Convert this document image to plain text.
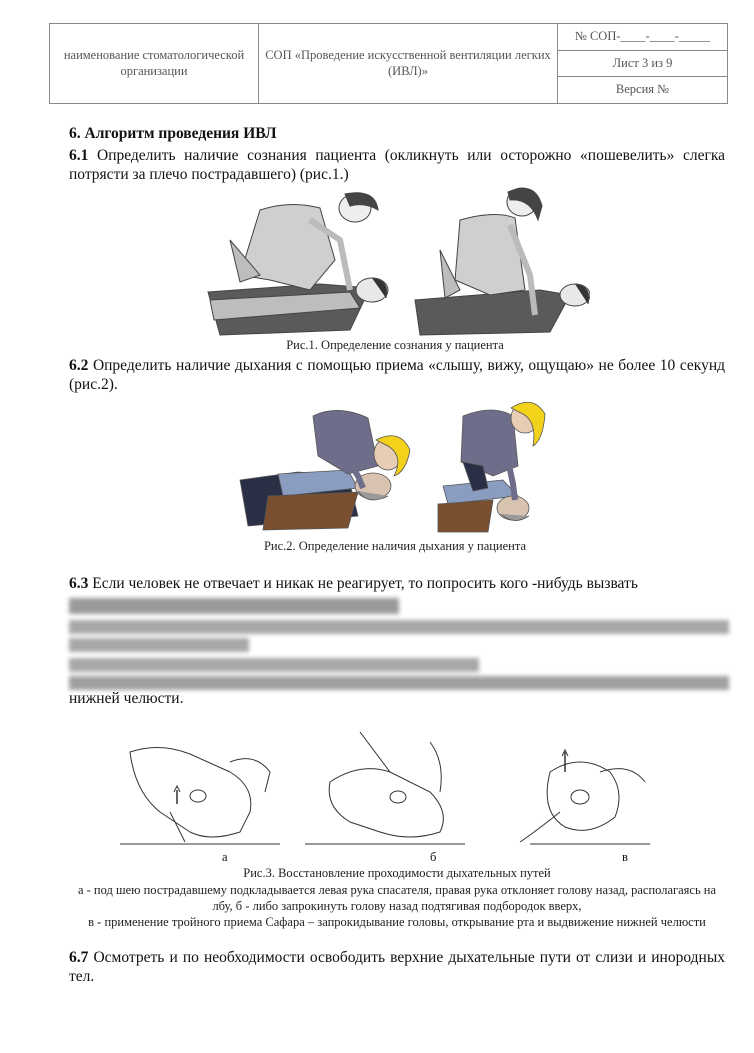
наименование стоматологической организации	СОП «Проведение искусственной вентиляции легких (ИВЛ)»	№ СОП-____-____-_____
Лист 3 из 9
Версия №
6. Алгоритм проведения ИВЛ
6.1 Определить наличие сознания пациента (окликнуть или осторожно «пошевелить» слегка потрясти за плечо пострадавшего) (рис.1.)
Рис.1. Определение сознания у пациента
6.2 Определить наличие дыхания с помощью приема «слышу, вижу, ощущаю» не более 10 секунд (рис.2).
Рис.2. Определение наличия дыхания у пациента
6.3 Если человек не отвечает и никак не реагирует, то попросить кого -нибудь вызвать
нижней челюсти.
а	б	в
Рис.3. Восстановление проходимости дыхательных путей
а - под шею пострадавшему подкладывается левая рука спасателя, правая рука отклоняет голову назад, располагаясь на лбу, б - либо запрокинуть голову назад подтягивая подбородок вверх,
в - применение тройного приема Сафара – запрокидывание головы, открывание рта и выдвижение нижней челюсти
6.7 Осмотреть и по необходимости освободить верхние дыхательные пути от слизи и инородных тел.
